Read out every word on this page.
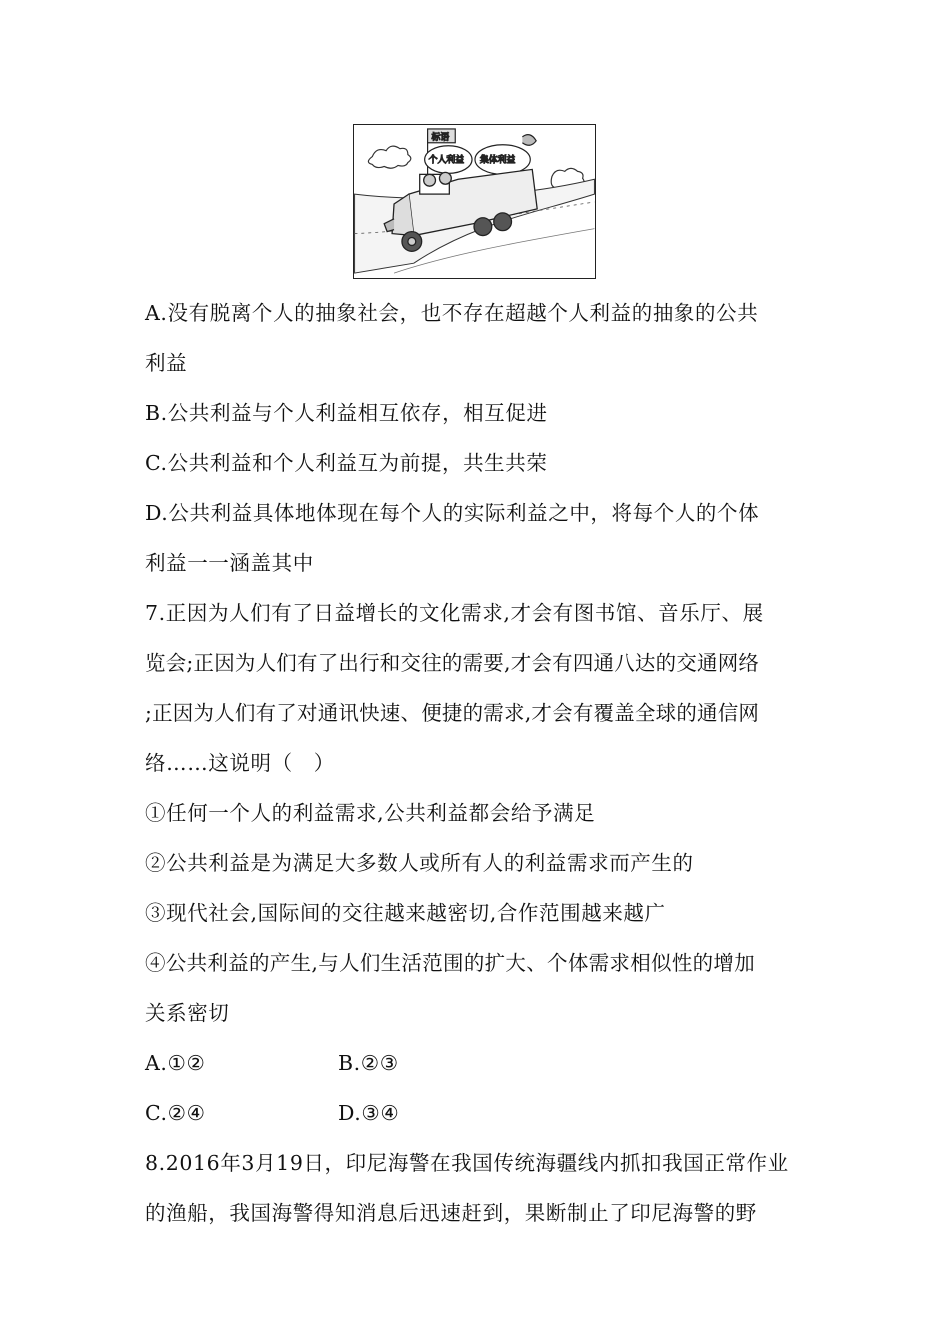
标语
个人利益 集体利益
A.没有脱离个人的抽象社会，也不存在超越个人利益的抽象的公共
利益
B.公共利益与个人利益相互依存，相互促进
C.公共利益和个人利益互为前提，共生共荣
D.公共利益具体地体现在每个人的实际利益之中，将每个人的个体
利益一一涵盖其中
7.正因为人们有了日益增长的文化需求,才会有图书馆、音乐厅、展
览会;正因为人们有了出行和交往的需要,才会有四通八达的交通网络
;正因为人们有了对通讯快速、便捷的需求,才会有覆盖全球的通信网
络……这说明（　）
①任何一个人的利益需求,公共利益都会给予满足
②公共利益是为满足大多数人或所有人的利益需求而产生的
③现代社会,国际间的交往越来越密切,合作范围越来越广
④公共利益的产生,与人们生活范围的扩大、个体需求相似性的增加
关系密切
A.①②	B.②③
C.②④	D.③④
8.2016年3月19日，印尼海警在我国传统海疆线内抓扣我国正常作业
的渔船，我国海警得知消息后迅速赶到，果断制止了印尼海警的野
